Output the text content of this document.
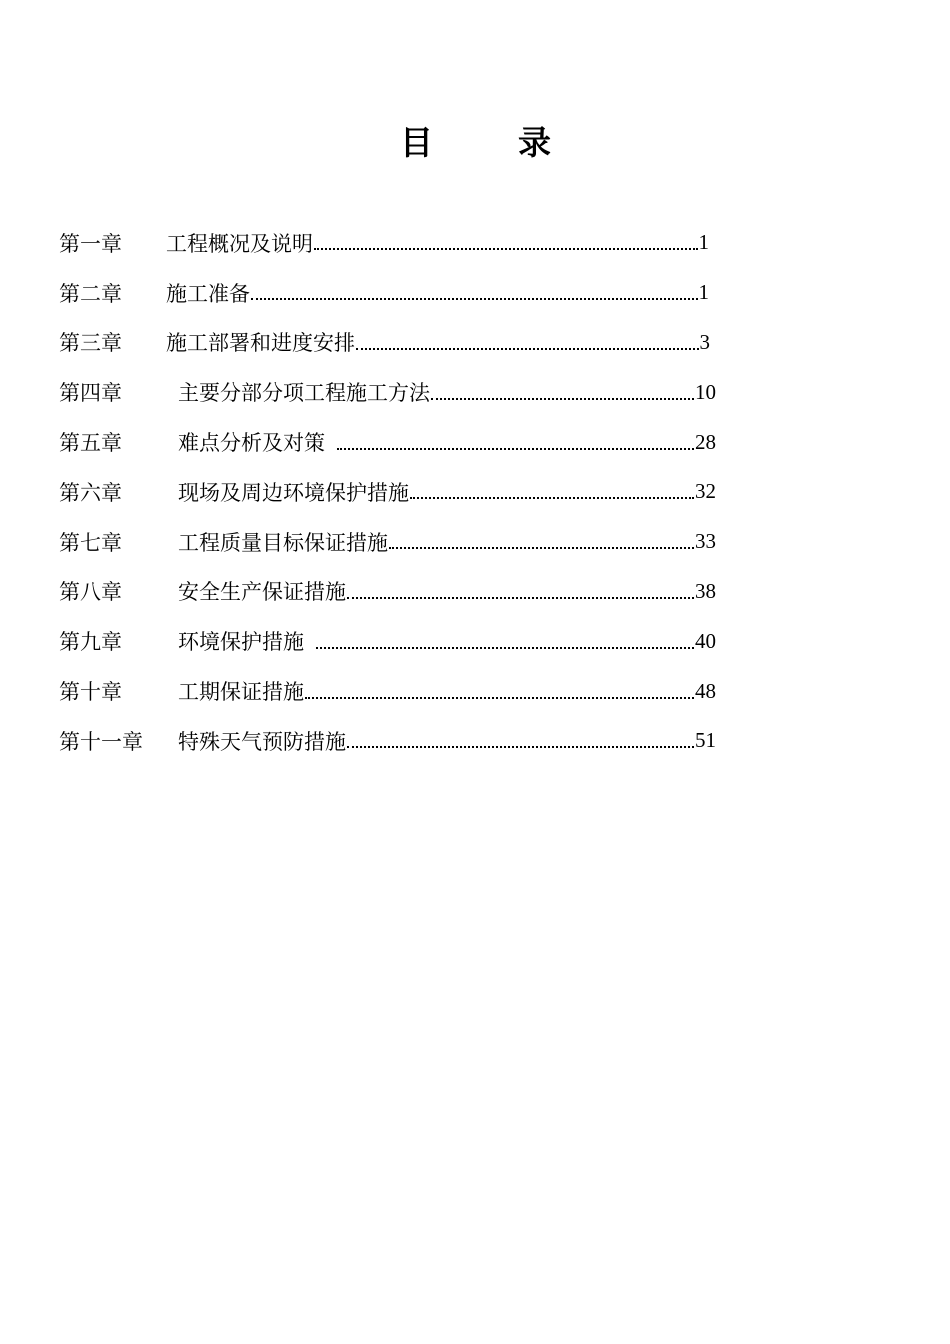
目	录
第一章	工程概况及说明	1
第二章	施工准备	1
第三章	施工部署和进度安排	3
第四章	主要分部分项工程施工方法	10
第五章	难点分析及对策	28
第六章	现场及周边环境保护措施	32
第七章	工程质量目标保证措施	33
第八章	安全生产保证措施	38
第九章	环境保护措施	40
第十章	工期保证措施	48
第十一章	特殊天气预防措施	51
